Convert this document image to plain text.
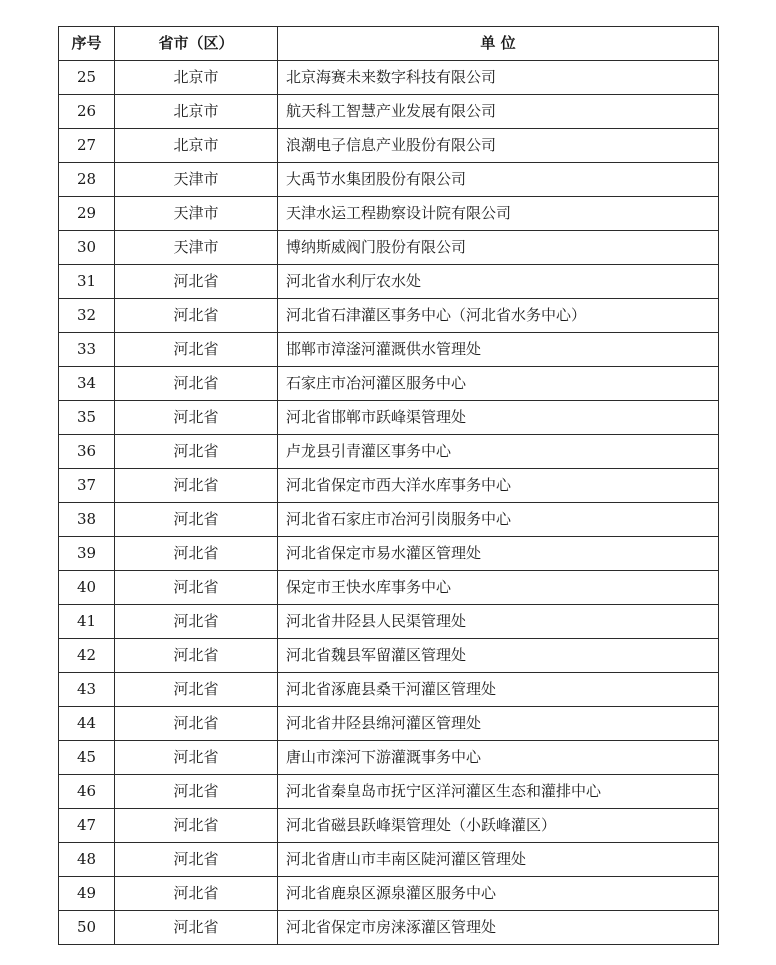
序号	省市（区）	单 位
25	北京市	北京海赛未来数字科技有限公司
26	北京市	航天科工智慧产业发展有限公司
27	北京市	浪潮电子信息产业股份有限公司
28	天津市	大禹节水集团股份有限公司
29	天津市	天津水运工程勘察设计院有限公司
30	天津市	博纳斯威阀门股份有限公司
31	河北省	河北省水利厅农水处
32	河北省	河北省石津灌区事务中心（河北省水务中心）
33	河北省	邯郸市漳滏河灌溉供水管理处
34	河北省	石家庄市冶河灌区服务中心
35	河北省	河北省邯郸市跃峰渠管理处
36	河北省	卢龙县引青灌区事务中心
37	河北省	河北省保定市西大洋水库事务中心
38	河北省	河北省石家庄市冶河引岗服务中心
39	河北省	河北省保定市易水灌区管理处
40	河北省	保定市王快水库事务中心
41	河北省	河北省井陉县人民渠管理处
42	河北省	河北省魏县军留灌区管理处
43	河北省	河北省涿鹿县桑干河灌区管理处
44	河北省	河北省井陉县绵河灌区管理处
45	河北省	唐山市滦河下游灌溉事务中心
46	河北省	河北省秦皇岛市抚宁区洋河灌区生态和灌排中心
47	河北省	河北省磁县跃峰渠管理处（小跃峰灌区）
48	河北省	河北省唐山市丰南区陡河灌区管理处
49	河北省	河北省鹿泉区源泉灌区服务中心
50	河北省	河北省保定市房涞涿灌区管理处
